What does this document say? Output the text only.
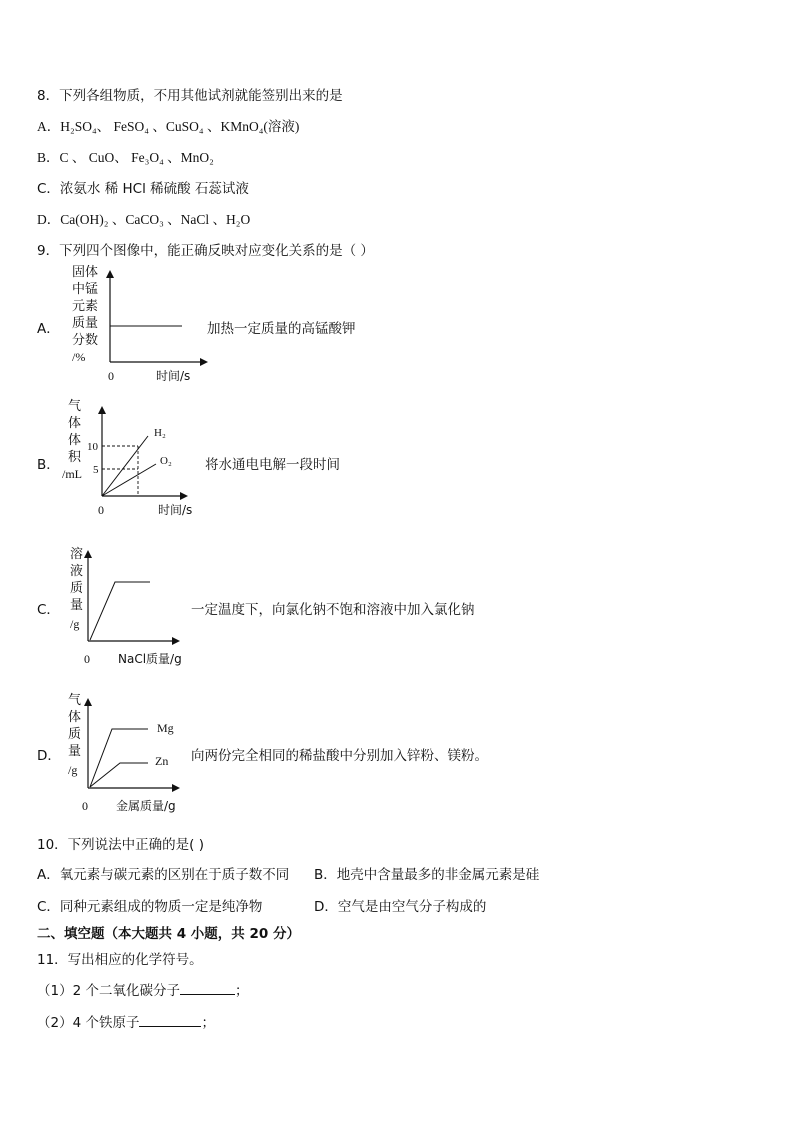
8．下列各组物质，不用其他试剂就能签别出来的是
A．H₂SO₄、 FeSO₄ 、CuSO₄ 、KMnO₄(溶液)
B．C 、 CuO、 Fe₃O₄ 、MnO₂
C．浓氨水 稀 HCl 稀硫酸 石蕊试液
D．Ca(OH)₂ 、CaCO₃ 、NaCl 、H₂O
9．下列四个图像中，能正确反映对应变化关系的是（ ）
A．
固体
中锰
元素
质量
分数
/%
0	时间/s
加热一定质量的高锰酸钾
B．
气
体
体
积
/mL
10
5
H₂
O₂
0	时间/s
将水通电电解一段时间
C．
溶
液
质
量
/g
0 NaCl质量/g
一定温度下，向氯化钠不饱和溶液中加入氯化钠
D．
气
体
质
量
/g
Mg
Zn
0 金属质量/g
向两份完全相同的稀盐酸中分别加入锌粉、镁粉。
10．下列说法中正确的是( )
A．氧元素与碳元素的区别在于质子数不同 B．地壳中含量最多的非金属元素是硅
C．同种元素组成的物质一定是纯净物	D．空气是由空气分子构成的
二、填空题（本大题共 4 小题，共 20 分）
11．写出相应的化学符号。
（1）2 个二氧化碳分子	；
（2）4 个铁原子	；
